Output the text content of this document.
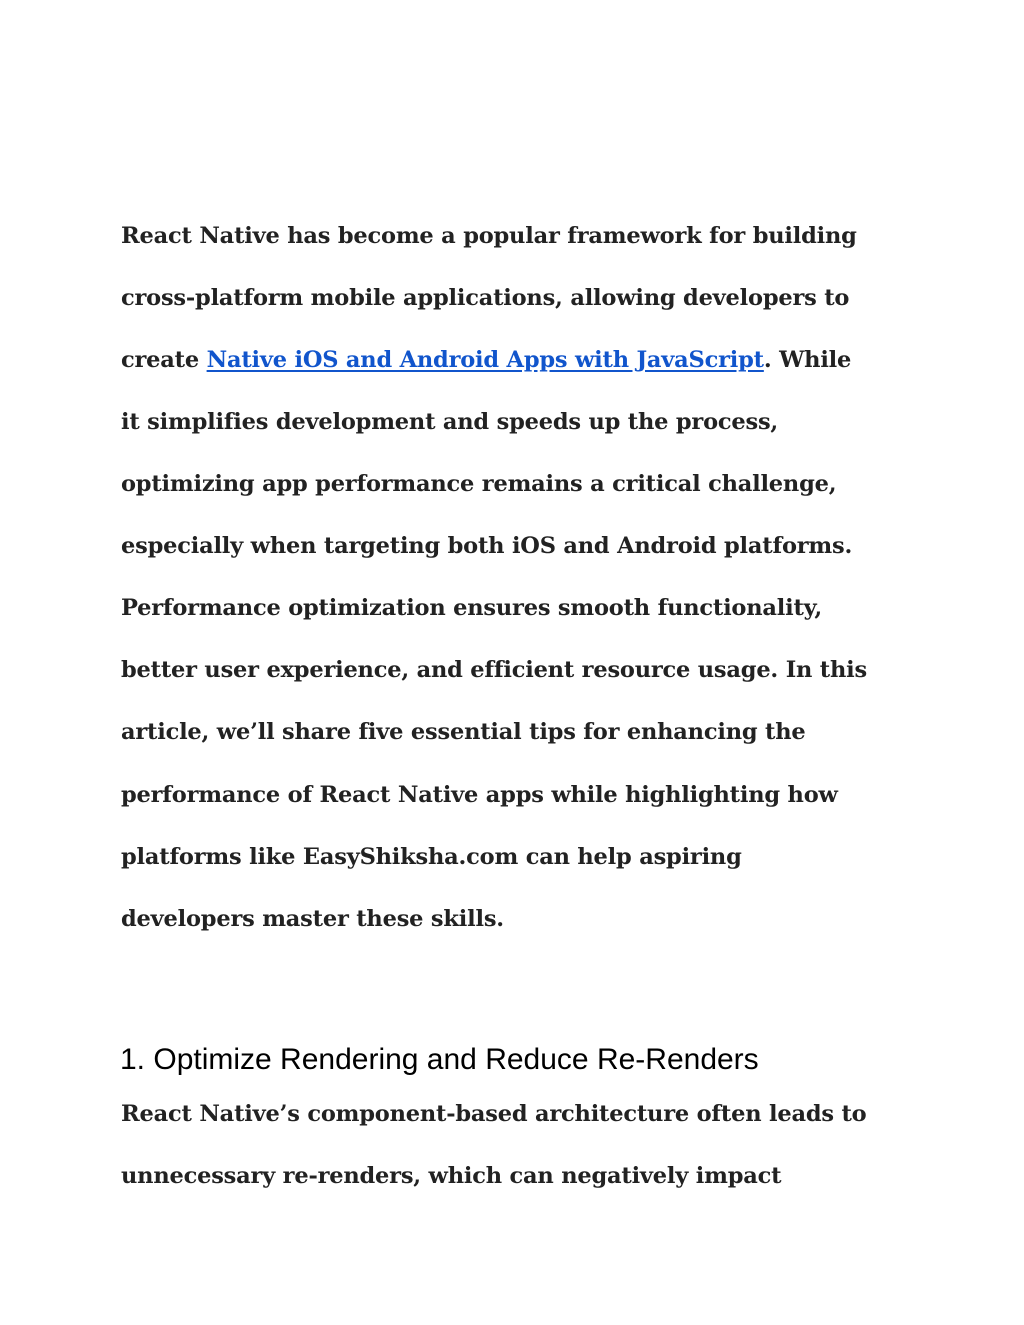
React Native has become a popular framework for building
cross-platform mobile applications, allowing developers to
create Native iOS and Android Apps with JavaScript. While
it simplifies development and speeds up the process,
optimizing app performance remains a critical challenge,
especially when targeting both iOS and Android platforms.
Performance optimization ensures smooth functionality,
better user experience, and efficient resource usage. In this
article, we’ll share five essential tips for enhancing the
performance of React Native apps while highlighting how
platforms like EasyShiksha.com can help aspiring
developers master these skills.
1. Optimize Rendering and Reduce Re-Renders
React Native’s component-based architecture often leads to
unnecessary re-renders, which can negatively impact
